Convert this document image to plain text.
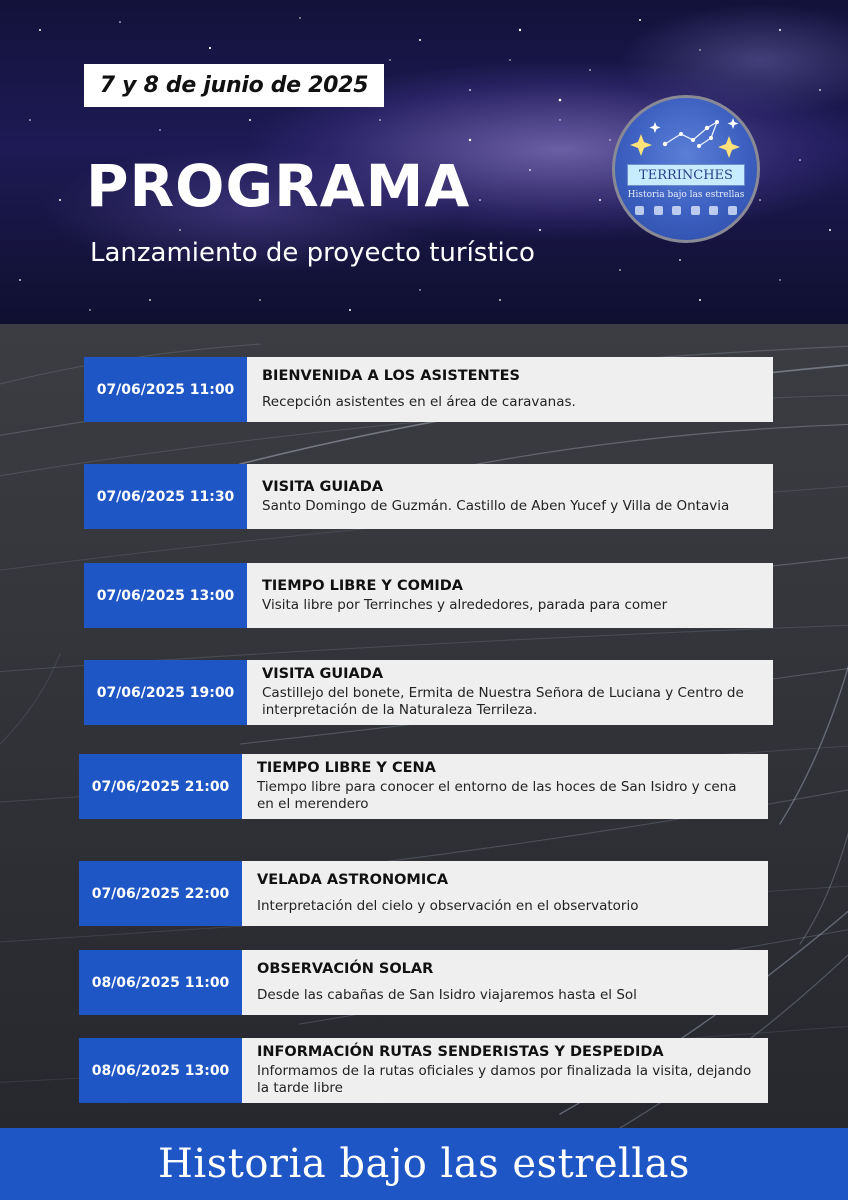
7 y 8 de junio de 2025
PROGRAMA
Lanzamiento de proyecto turístico
TERRINCHES
Historia bajo las estrellas
07/06/2025 11:00
BIENVENIDA A LOS ASISTENTES

Recepción asistentes en el área de caravanas.

07/06/2025 11:30
VISITA GUIADA

Santo Domingo de Guzmán. Castillo de Aben Yucef y Villa de Ontavia

07/06/2025 13:00
TIEMPO LIBRE Y COMIDA

Visita libre por Terrinches y alrededores, parada para comer

07/06/2025 19:00
VISITA GUIADA

Castillejo del bonete, Ermita de Nuestra Señora de Luciana y Centro de interpretación de la Naturaleza Terrileza.

07/06/2025 21:00
TIEMPO LIBRE Y CENA

Tiempo libre para conocer el entorno de las hoces de San Isidro y cena en el merendero

07/06/2025 22:00
VELADA ASTRONOMICA

Interpretación del cielo y observación en el observatorio

08/06/2025 11:00
OBSERVACIÓN SOLAR

Desde las cabañas de San Isidro viajaremos hasta el Sol

08/06/2025 13:00
INFORMACIÓN RUTAS SENDERISTAS Y DESPEDIDA

Informamos de la rutas oficiales y damos por finalizada la visita, dejando la tarde libre

Historia bajo las estrellas
